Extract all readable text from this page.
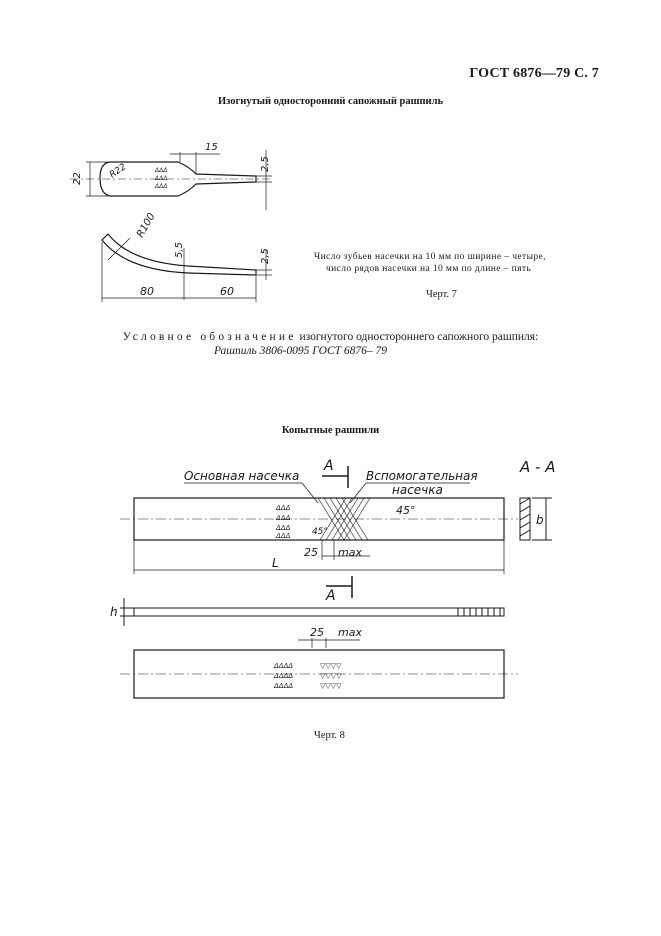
ГОСТ 6876—79 С. 7
Изогнутый односторонний сапожный рашпиль
ΔΔΔ
ΔΔΔ
ΔΔΔ
22	R22
15
2,5
R100
5,5	2,5
80	60
Число зубьев насечки на 10 мм по ширине – четыре,
число рядов насечки на 10 мм по длине – пять
Черт. 7
Условное обозначение изогнутого одностороннего сапожного рашпиля:
Рашпиль 3806-0095 ГОСТ 6876– 79
Копытные рашпили
Основная насечка	Вспомогательная
насечка
А	А - А
ΔΔΔ
ΔΔΔ
ΔΔΔ
ΔΔΔ
45°
45°
25 max
L
b
А
h
25 max
ΔΔΔΔ
ΔΔΔΔ
ΔΔΔΔ
▽▽▽▽
▽▽▽▽
▽▽▽▽
Черт. 8
